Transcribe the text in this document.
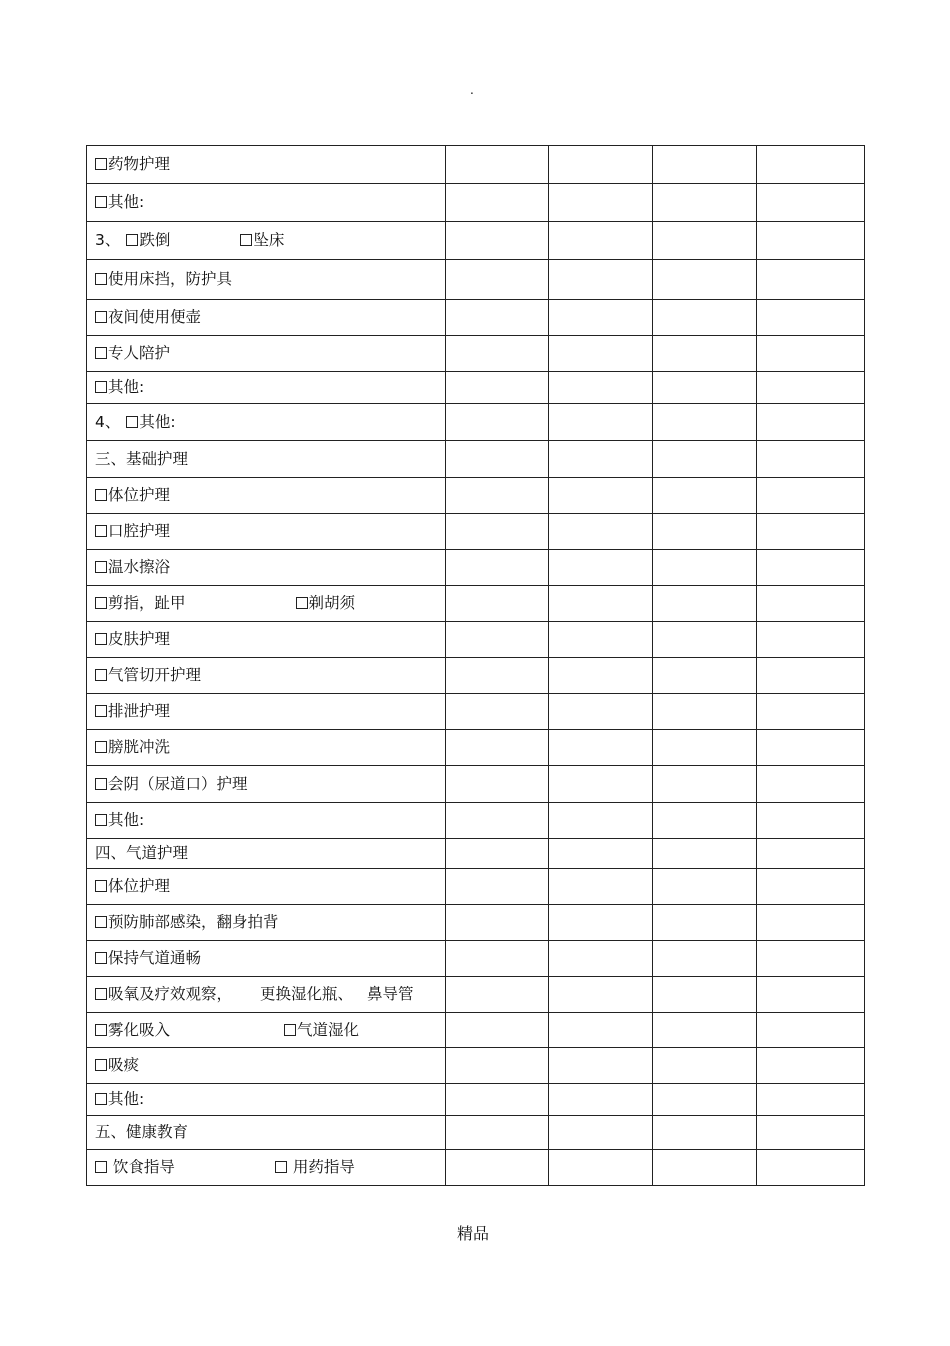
.
药物护理				
其他:				
3、 跌倒 坠床				
使用床挡，防护具				
夜间使用便壶				
专人陪护				
其他:				
4、 其他:				
三、基础护理				
体位护理				
口腔护理				
温水擦浴				
剪指，趾甲 剃胡须				
皮肤护理				
气管切开护理				
排泄护理				
膀胱冲洗				
会阴（尿道口）护理				
其他:				
四、气道护理				
体位护理				
预防肺部感染，翻身拍背				
保持气道通畅				
吸氧及疗效观察， 更换湿化瓶、 鼻导管				
雾化吸入 气道湿化				
吸痰				
其他:				
五、健康教育				
饮食指导 用药指导				
精品
